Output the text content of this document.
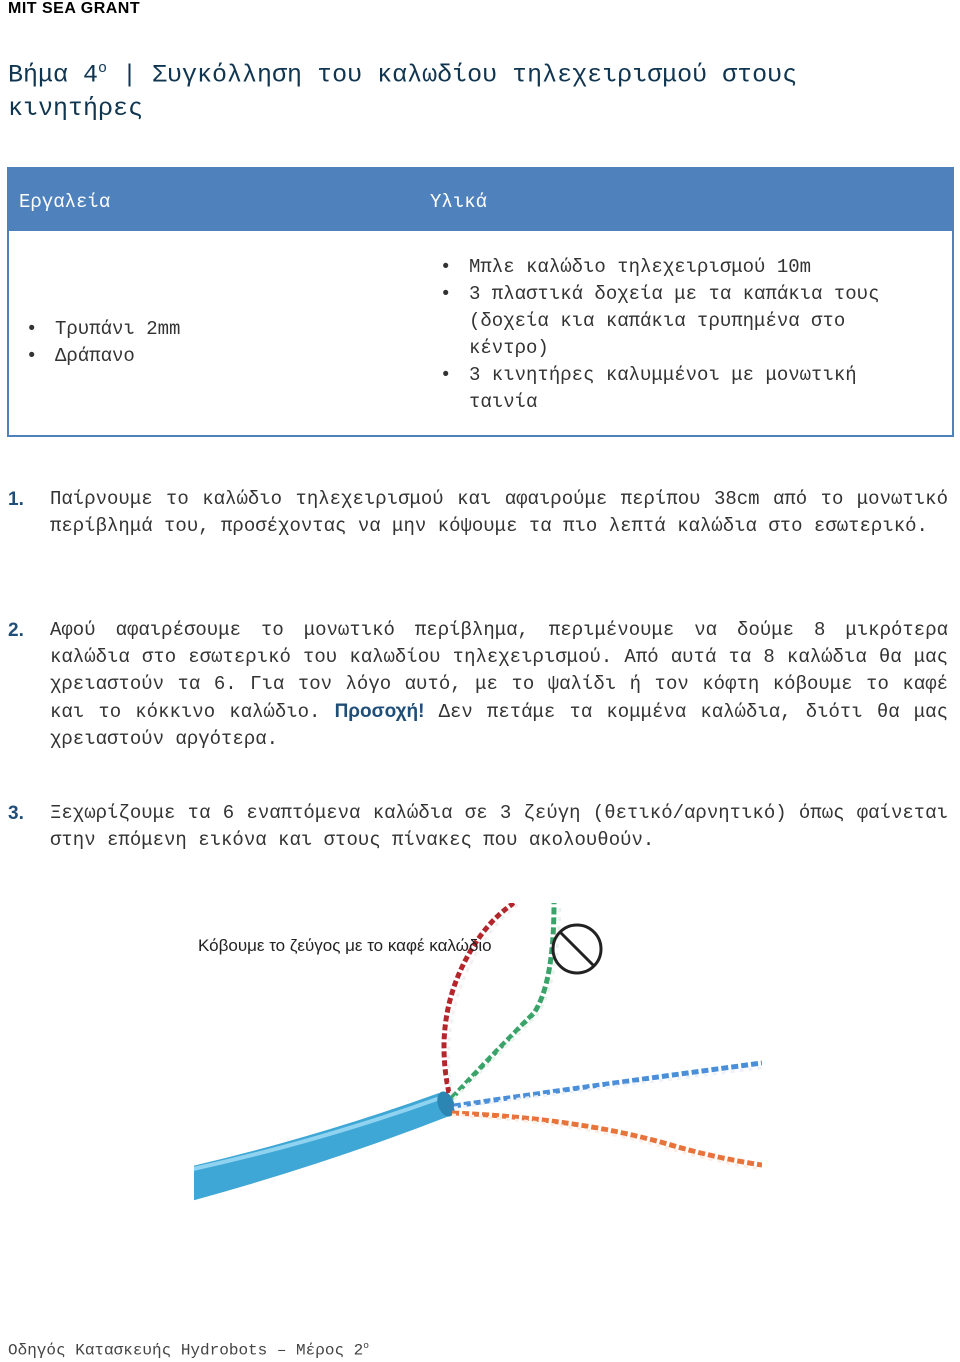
MIT SEA GRANT
Βήμα $4^o$ | Συγκόλληση του καλωδίου τηλεχειρισμού στους κινητήρες
Εργαλεία	Υλικά
• Τρυπάνι 2mm
• Δράπανο
• Μπλε καλώδιο τηλεχειρισμού 10m
• 3 πλαστικά δοχεία με τα καπάκια τους (δοχεία κια καπάκια τρυπημένα στο κέντρο)
• 3 κινητήρες καλυμμένοι με μονωτική ταινία
1. Παίρνουμε το καλώδιο τηλεχειρισμού και αφαιρούμε περίπου 38cm από το μονωτικό περίβλημά του, προσέχοντας να μην κόψουμε τα πιο λεπτά καλώδια στο εσωτερικό.
2. Αφού αφαιρέσουμε το μονωτικό περίβλημα, περιμένουμε να δούμε 8 μικρότερα καλώδια στο εσωτερικό του καλωδίου τηλεχειρισμού. Από αυτά τα 8 καλώδια θα μας χρειαστούν τα 6. Για τον λόγο αυτό, με το ψαλίδι ή τον κόφτη κόβουμε το καφέ και το κόκκινο καλώδιο. Προσοχή! Δεν πετάμε τα κομμένα καλώδια, διότι θα μας χρειαστούν αργότερα.
3. Ξεχωρίζουμε τα 6 εναπτόμενα καλώδια σε 3 ζεύγη (θετικό/αρνητικό) όπως φαίνεται στην επόμενη εικόνα και στους πίνακες που ακολουθούν.
Κόβουμε το ζεύγος με το καφέ καλώδιο
Οδηγός Κατασκευής Hydrobots – Μέρος $2^o$
